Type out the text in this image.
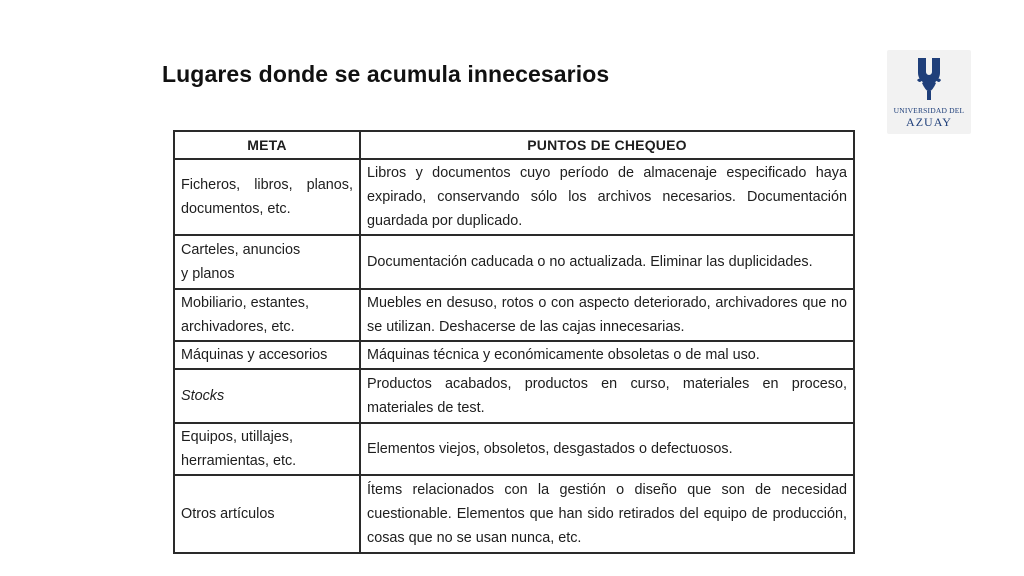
Lugares donde se acumula innecesarios
UNIVERSIDAD DEL
AZUAY
META	PUNTOS DE CHEQUEO
Ficheros, libros, planos, documentos, etc.	Libros y documentos cuyo período de almacenaje especificado haya expirado, conservando sólo los archivos necesarios. Documentación guardada por duplicado.
Carteles, anuncios
y planos	Documentación caducada o no actualizada. Eliminar las duplicidades.
Mobiliario, estantes,
archivadores, etc.	Muebles en desuso, rotos o con aspecto deteriorado, archivadores que no se utilizan. Deshacerse de las cajas innecesarias.
Máquinas y accesorios	Máquinas técnica y económicamente obsoletas o de mal uso.
Stocks	Productos acabados, productos en curso, materiales en proceso, materiales de test.
Equipos, utillajes,
herramientas, etc.	Elementos viejos, obsoletos, desgastados o defectuosos.
Otros artículos	Ítems relacionados con la gestión o diseño que son de necesidad cuestionable. Elementos que han sido retirados del equipo de producción, cosas que no se usan nunca, etc.
